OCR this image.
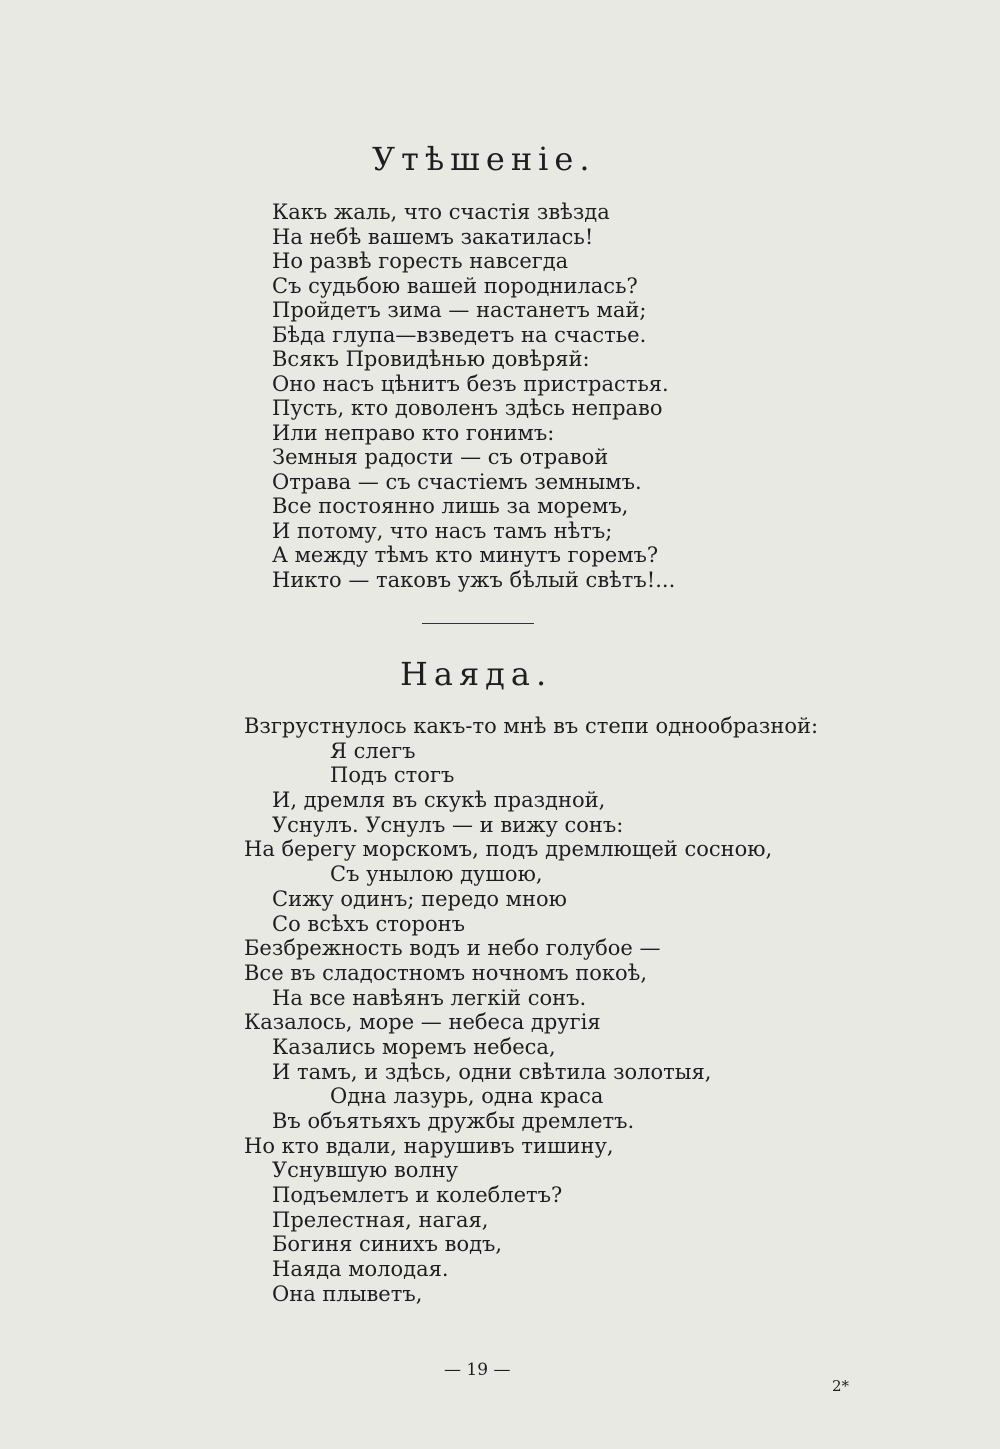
Утѣшеніе.
Какъ жаль, что счастія звѣзда
На небѣ вашемъ закатилась!
Но развѣ горесть навсегда
Съ судьбою вашей породнилась?
Пройдетъ зима — настанетъ май;
Бѣда глупа—взведетъ на счастье.
Всякъ Провидѣнью довѣряй:
Оно насъ цѣнитъ безъ пристрастья.
Пусть, кто доволенъ здѣсь неправо
Или неправо кто гонимъ:
Земныя радости — съ отравой
Отрава — съ счастіемъ земнымъ.
Все постоянно лишь за моремъ,
И потому, что насъ тамъ нѣтъ;
А между тѣмъ кто минутъ горемъ?
Никто — таковъ ужъ бѣлый свѣтъ!...
Наяда.
Взгрустнулось какъ-то мнѣ въ степи однообразной:
Я слегъ
Подъ стогъ
И, дремля въ скукѣ праздной,
Уснулъ. Уснулъ — и вижу сонъ:
На берегу морскомъ, подъ дремлющей сосною,
Съ унылою душою,
Сижу одинъ; передо мною
Со всѣхъ сторонъ
Безбрежность водъ и небо голубое —
Все въ сладостномъ ночномъ покоѣ,
На все навѣянъ легкій сонъ.
Казалось, море — небеса другія
Казались моремъ небеса,
И тамъ, и здѣсь, одни свѣтила золотыя,
Одна лазурь, одна краса
Въ объятьяхъ дружбы дремлетъ.
Но кто вдали, нарушивъ тишину,
Уснувшую волну
Подъемлетъ и колеблетъ?
Прелестная, нагая,
Богиня синихъ водъ,
Наяда молодая.
Она плыветъ,
— 19 —
2*
